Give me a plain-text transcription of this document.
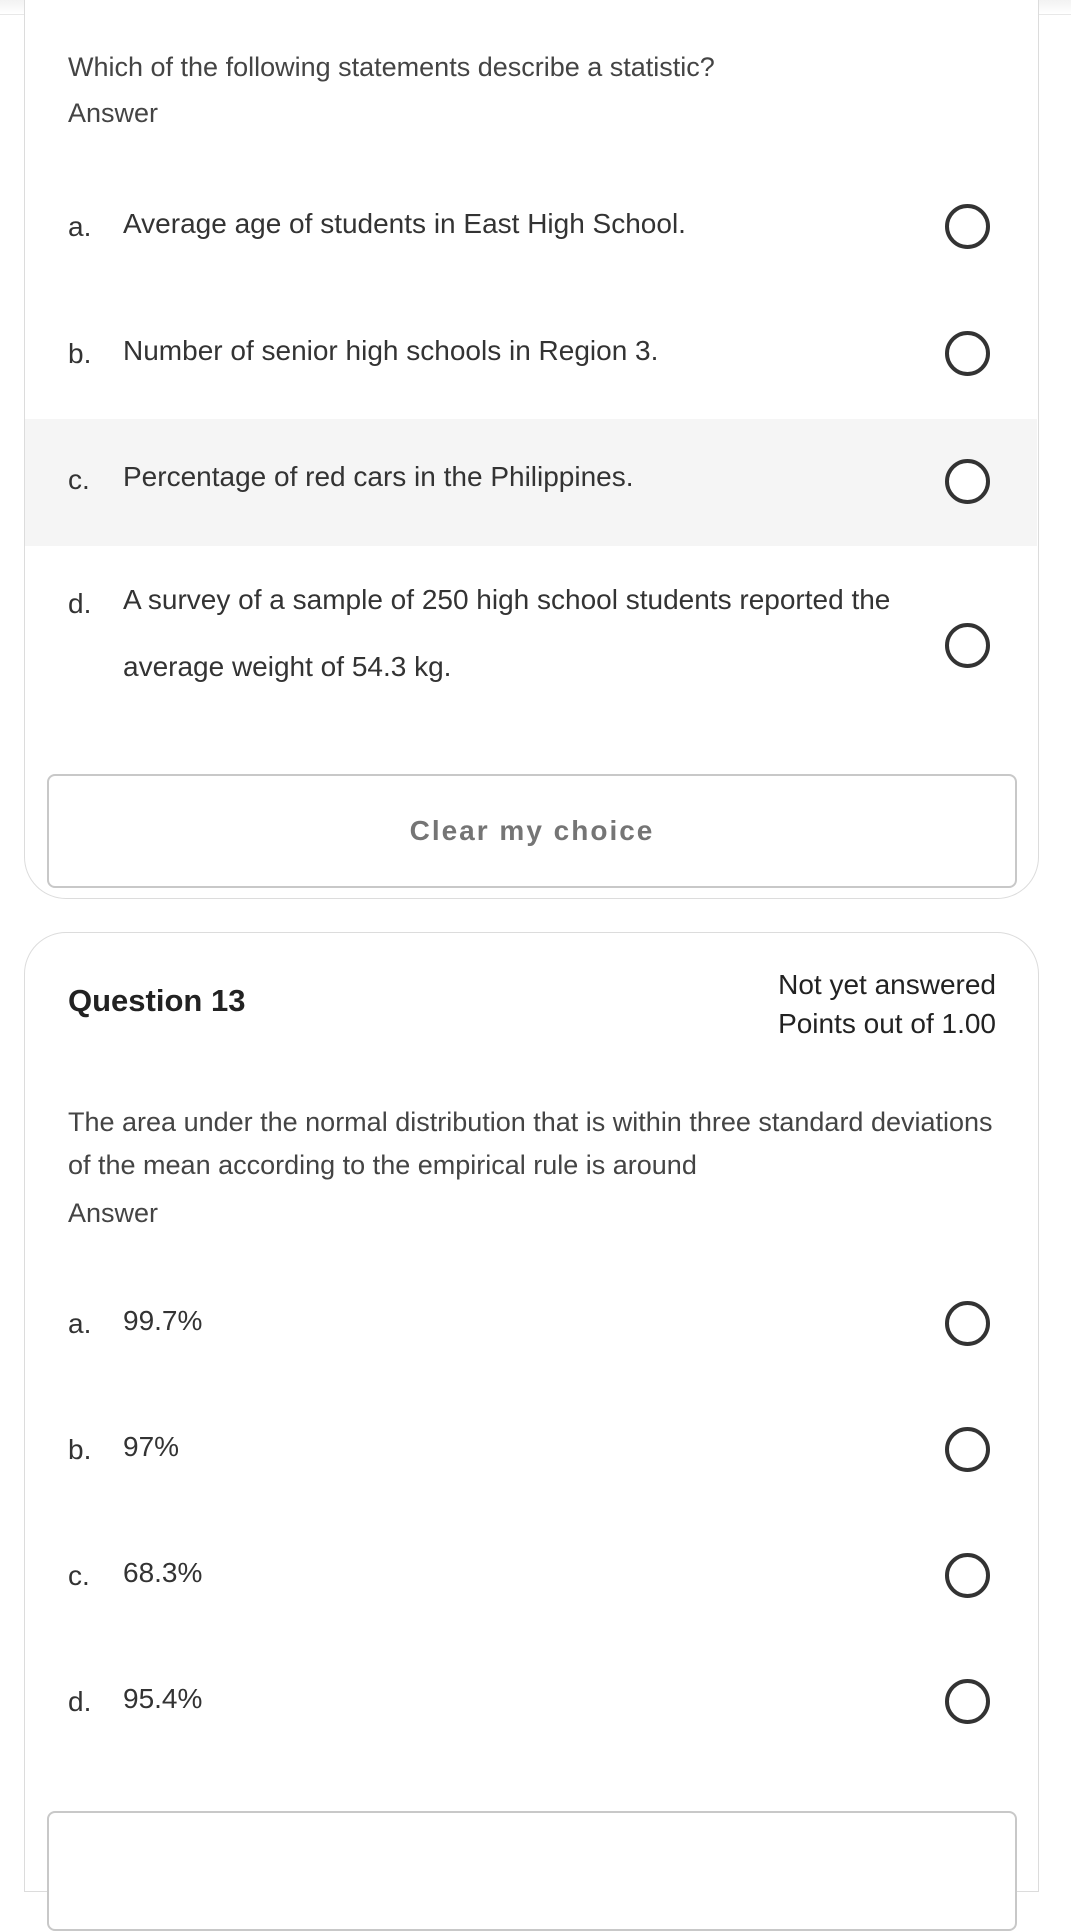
Which of the following statements describe a statistic?
Answer
a. Average age of students in East High School.
b. Number of senior high schools in Region 3.
c. Percentage of red cars in the Philippines.
d. A survey of a sample of 250 high school students reported the average weight of 54.3 kg.
Clear my choice
Question 13	Not yet answered
Points out of 1.00
The area under the normal distribution that is within three standard deviations of the mean according to the empirical rule is around
Answer
a. 99.7%
b. 97%
c. 68.3%
d. 95.4%
